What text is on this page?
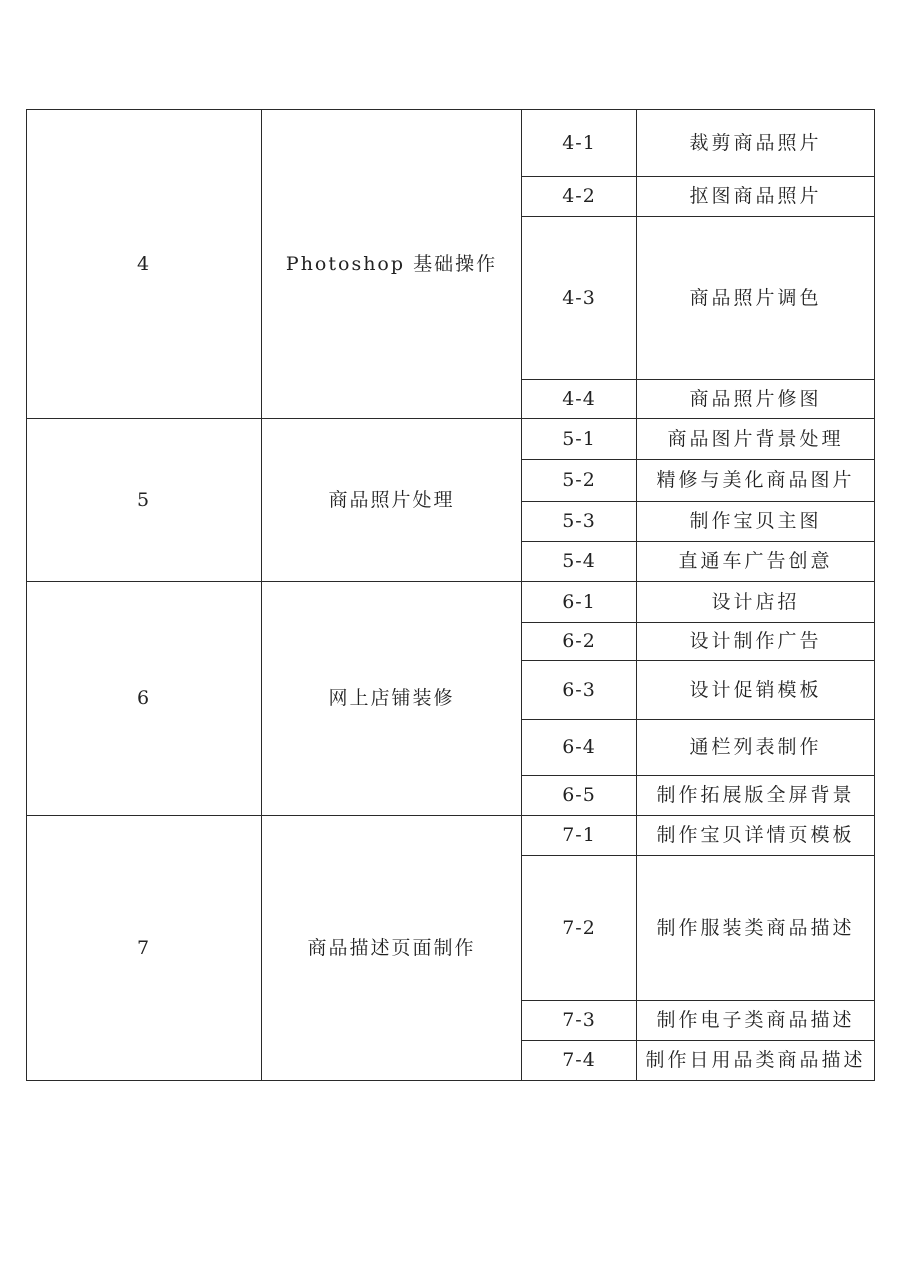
4	Photoshop 基础操作	4-1	裁剪商品照片
		4-2	抠图商品照片
		4-3	商品照片调色
		4-4	商品照片修图
5	商品照片处理	5-1	商品图片背景处理
		5-2	精修与美化商品图片
		5-3	制作宝贝主图
		5-4	直通车广告创意
6	网上店铺装修	6-1	设计店招
		6-2	设计制作广告
		6-3	设计促销模板
		6-4	通栏列表制作
		6-5	制作拓展版全屏背景
7	商品描述页面制作	7-1	制作宝贝详情页模板
		7-2	制作服装类商品描述
		7-3	制作电子类商品描述
		7-4	制作日用品类商品描述
